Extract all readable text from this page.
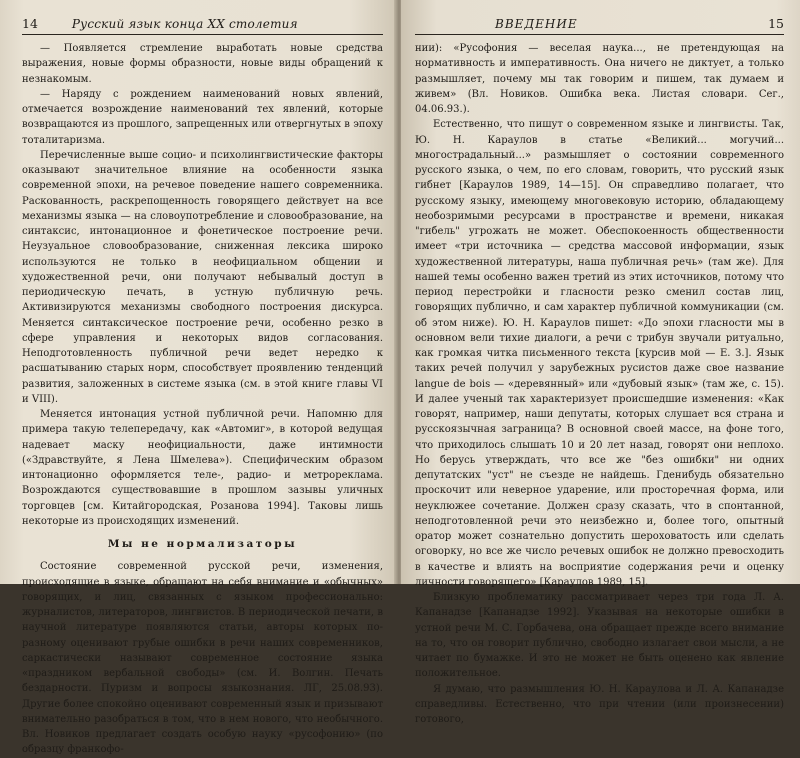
14	Русский язык конца XX столетия

— Появляется стремление выработать новые средства выражения, новые формы образности, новые виды обращений к незнакомым.

— Наряду с рождением наименований новых явлений, отмечается возрождение наименований тех явлений, которые возвращаются из прошлого, запрещенных или отвергнутых в эпоху тоталитаризма.

Перечисленные выше социо- и психолингвистические факторы оказывают значительное влияние на особенности языка современной эпохи, на речевое поведение нашего современника. Раскованность, раскрепощенность говорящего действует на все механизмы языка — на словоупотребление и словообразование, на синтаксис, интонационное и фонетическое построение речи. Неузуальное словообразование, сниженная лексика широко используются не только в неофициальном общении и художественной речи, они получают небывалый доступ в периодическую печать, в устную публичную речь. Активизируются механизмы свободного построения дискурса. Меняется синтаксическое построение речи, особенно резко в сфере управления и некоторых видов согласования. Неподготовленность публичной речи ведет нередко к расшатыванию старых норм, способствует проявлению тенденций развития, заложенных в системе языка (см. в этой книге главы VI и VIII).

Меняется интонация устной публичной речи. Напомню для примера такую телепередачу, как «Автомиг», в которой ведущая надевает маску неофициальности, даже интимности («Здравствуйте, я Лена Шмелева»). Специфическим образом интонационно оформляется теле-, радио- и метрореклама. Возрождаются существовавшие в прошлом зазывы уличных торговцев [см. Китайгородская, Розанова 1994]. Таковы лишь некоторые из происходящих изменений.

Мы не нормализаторы

Состояние современной русской речи, изменения, происходящие в языке, обращают на себя внимание и «обычных» говорящих, и лиц, связанных с языком профессионально: журналистов, литераторов, лингвистов. В периодической печати, в научной литературе появляются статьи, авторы которых по-разному оценивают грубые ошибки в речи наших современников, саркастически называют современное состояние языка «праздником вербальной свободы» (см. И. Волгин. Печать бездарности. Пуризм и вопросы языкознания. ЛГ, 25.08.93). Другие более спокойно оценивают современный язык и призывают внимательно разобраться в том, что в нем нового, что необычного. Вл. Новиков предлагает создать особую науку «русофонию» (по образцу франкофо-

ВВЕДЕНИЕ	15

нии): «Русофония — веселая наука..., не претендующая на нормативность и императивность. Она ничего не диктует, а только размышляет, почему мы так говорим и пишем, так думаем и живем» (Вл. Новиков. Ошибка века. Листая словари. Сег., 04.06.93.).

Естественно, что пишут о современном языке и лингвисты. Так, Ю. Н. Караулов в статье «Великий... могучий... многострадальный...» размышляет о состоянии современного русского языка, о чем, по его словам, говорить, что русский язык гибнет [Караулов 1989, 14—15]. Он справедливо полагает, что русскому языку, имеющему многовековую историю, обладающему необозримыми ресурсами в пространстве и времени, никакая "гибель" угрожать не может. Обеспокоенность общественности имеет «три источника — средства массовой информации, язык художественной литературы, наша публичная речь» (там же). Для нашей темы особенно важен третий из этих источников, потому что период перестройки и гласности резко сменил состав лиц, говорящих публично, и сам характер публичной коммуникации (см. об этом ниже). Ю. Н. Караулов пишет: «До эпохи гласности мы в основном вели тихие диалоги, а речи с трибун звучали ритуально, как громкая читка письменного текста [курсив мой — Е. З.]. Язык таких речей получил у зарубежных русистов даже свое название langue de bois — «деревянный» или «дубовый язык» (там же, с. 15). И далее ученый так характеризует происшедшие изменения: «Как говорят, например, наши депутаты, которых слушает вся страна и русскоязычная заграница? В основной своей массе, на фоне того, что приходилось слышать 10 и 20 лет назад, говорят они неплохо. Но берусь утверждать, что все же "без ошибки" ни одних депутатских "уст" не съезде не найдешь. Гденибудь обязательно проскочит или неверное ударение, или просторечная форма, или неуклюжее сочетание. Должен сразу сказать, что в спонтанной, неподготовленной речи это неизбежно и, более того, опытный оратор может сознательно допустить шероховатость или сделать оговорку, но все же число речевых ошибок не должно превосходить в качестве и влиять на восприятие содержания речи и оценку личности говорящего» [Караулов 1989, 15].

Близкую проблематику рассматривает через три года Л. А. Капанадзе [Капанадзе 1992]. Указывая на некоторые ошибки в устной речи М. С. Горбачева, она обращает прежде всего внимание на то, что он говорит публично, свободно излагает свои мысли, а не читает по бумажке. И это не может не быть оценено как явление положительное.

Я думаю, что размышления Ю. Н. Караулова и Л. А. Капанадзе справедливы. Естественно, что при чтении (или произнесении) готового,
